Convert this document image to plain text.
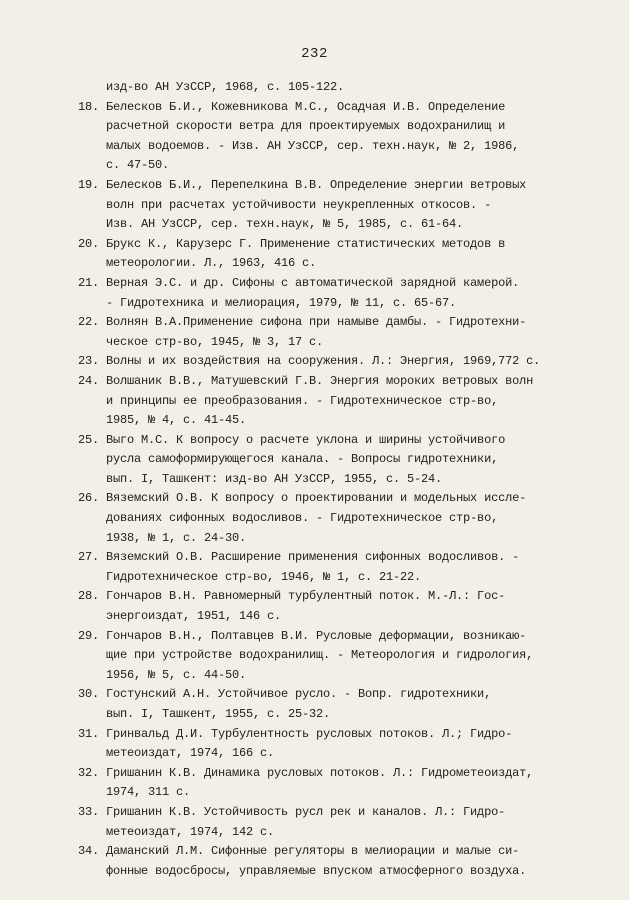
232
изд-во АН УзССР, 1968, с. 105-122.
18. Белесков Б.И., Кожевникова М.С., Осадчая И.В. Определение
расчетной скорости ветра для проектируемых водохранилищ и
малых водоемов. - Изв. АН УзССР, сер. техн.наук, № 2, 1986,
с. 47-50.
19. Белесков Б.И., Перепелкина В.В. Определение энергии ветровых
волн при расчетах устойчивости неукрепленных откосов. -
Изв. АН УзССР, сер. техн.наук, № 5, 1985, с. 61-64.
20. Брукс К., Карузерс Г. Применение статистических методов в
метеорологии. Л., 1963, 416 с.
21. Верная Э.С. и др. Сифоны с автоматической зарядной камерой.
- Гидротехника и мелиорация, 1979, № 11, с. 65-67.
22. Волнян В.А.Применение сифона при намыве дамбы. - Гидротехни-
ческое стр-во, 1945, № 3, 17 с.
23. Волны и их воздействия на сооружения. Л.: Энергия, 1969,772 с.
24. Волшаник В.В., Матушевский Г.В. Энергия мороких ветровых волн
и принципы ее преобразования. - Гидротехническое стр-во,
1985, № 4, с. 41-45.
25. Выго М.С. К вопросу о расчете уклона и ширины устойчивого
русла самоформирующегося канала. - Вопросы гидротехники,
вып. I, Ташкент: изд-во АН УзССР, 1955, с. 5-24.
26. Вяземский О.В. К вопросу о проектировании и модельных иссле-
дованиях сифонных водосливов. - Гидротехническое стр-во,
1938, № 1, с. 24-30.
27. Вяземский О.В. Расширение применения сифонных водосливов. -
Гидротехническое стр-во, 1946, № 1, с. 21-22.
28. Гончаров В.Н. Равномерный турбулентный поток. М.-Л.: Гос-
энергоиздат, 1951, 146 с.
29. Гончаров В.Н., Полтавцев В.И. Русловые деформации, возникаю-
щие при устройстве водохранилищ. - Метеорология и гидрология,
1956, № 5, с. 44-50.
30. Гостунский А.Н. Устойчивое русло. - Вопр. гидротехники,
вып. I, Ташкент, 1955, с. 25-32.
31. Гринвальд Д.И. Турбулентность русловых потоков. Л.; Гидро-
метеоиздат, 1974, 166 с.
32. Гришанин К.В. Динамика русловых потоков. Л.: Гидрометеоиздат,
1974, 311 с.
33. Гришанин К.В. Устойчивость русл рек и каналов. Л.: Гидро-
метеоиздат, 1974, 142 с.
34. Даманский Л.М. Сифонные регуляторы в мелиорации и малые си-
фонные водосбросы, управляемые впуском атмосферного воздуха.
